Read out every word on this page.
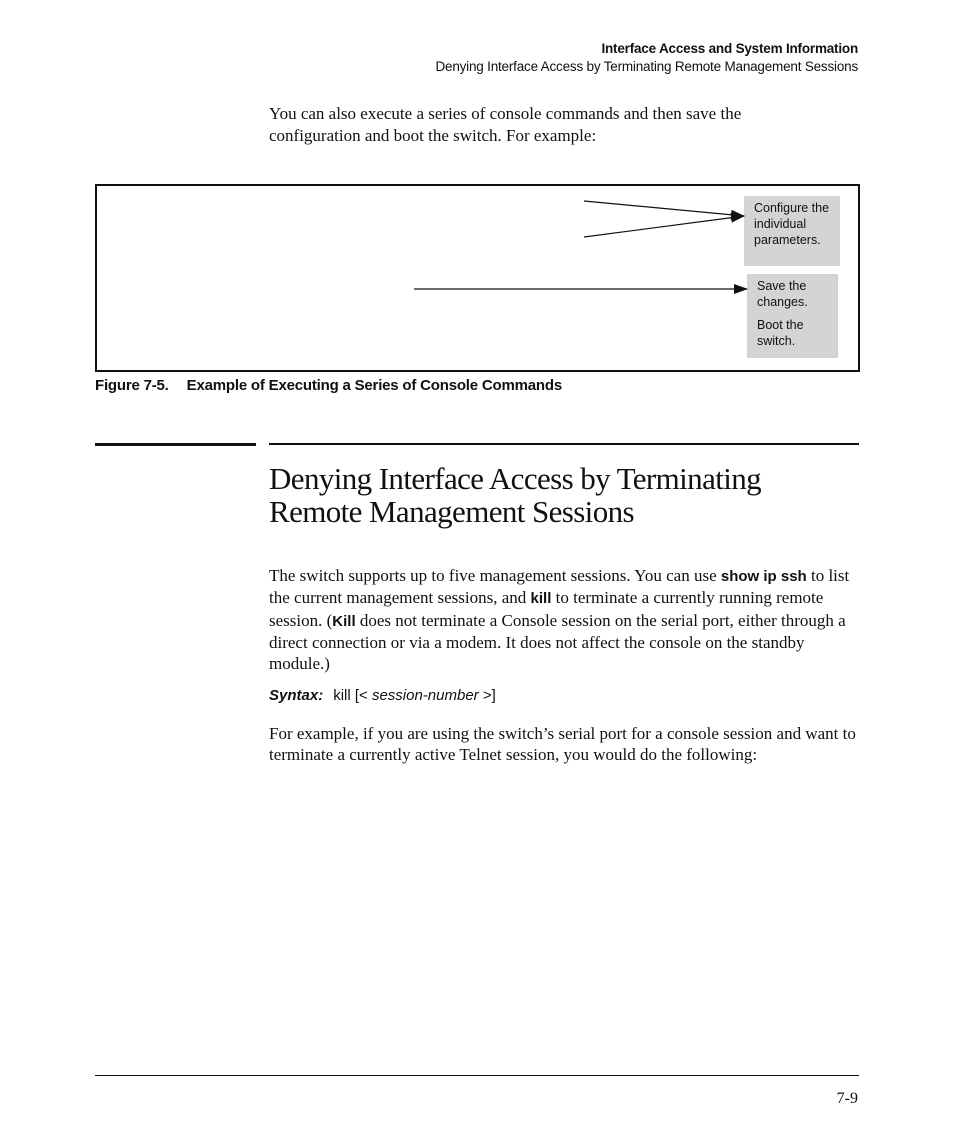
Interface Access and System Information
Denying Interface Access by Terminating Remote Management Sessions
You can also execute a series of console commands and then save the configuration and boot the switch. For example:
Configure the individual parameters.
Save the changes.
Boot the switch.
Figure 7-5. Example of Executing a Series of Console Commands
Denying Interface Access by Terminating
Remote Management Sessions
The switch supports up to five management sessions. You can use show ip ssh to list the current management sessions, and kill to terminate a currently running remote session. (Kill does not terminate a Console session on the serial port, either through a direct connection or via a modem. It does not affect the console on the standby module.)
Syntax: kill [< session-number >]
For example, if you are using the switch’s serial port for a console session and want to terminate a currently active Telnet session, you would do the following:
7-9
